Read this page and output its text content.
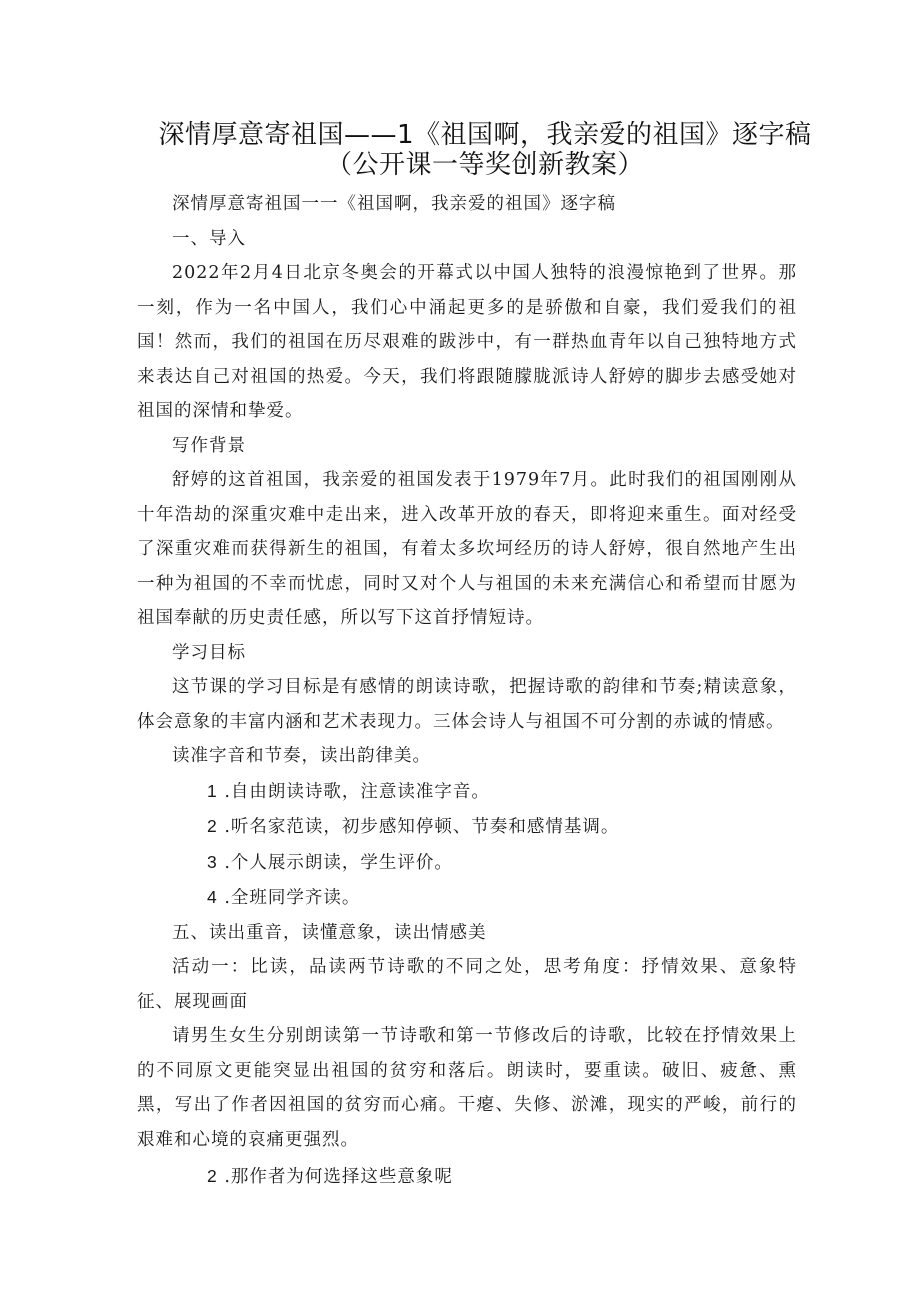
深情厚意寄祖国——1《祖国啊，我亲爱的祖国》逐字稿
（公开课一等奖创新教案）

深情厚意寄祖国一一《祖国啊，我亲爱的祖国》逐字稿

一、导入

2022年2月4日北京冬奥会的开幕式以中国人独特的浪漫惊艳到了世界。那一刻，作为一名中国人，我们心中涌起更多的是骄傲和自豪，我们爱我们的祖国！然而，我们的祖国在历尽艰难的跋涉中，有一群热血青年以自己独特地方式来表达自己对祖国的热爱。今天，我们将跟随朦胧派诗人舒婷的脚步去感受她对祖国的深情和挚爱。

写作背景

舒婷的这首祖国，我亲爱的祖国发表于1979年7月。此时我们的祖国刚刚从十年浩劫的深重灾难中走出来，进入改革开放的春天，即将迎来重生。面对经受了深重灾难而获得新生的祖国，有着太多坎坷经历的诗人舒婷，很自然地产生出一种为祖国的不幸而忧虑，同时又对个人与祖国的未来充满信心和希望而甘愿为祖国奉献的历史责任感，所以写下这首抒情短诗。

学习目标

这节课的学习目标是有感情的朗读诗歌，把握诗歌的韵律和节奏;精读意象，体会意象的丰富内涵和艺术表现力。三体会诗人与祖国不可分割的赤诚的情感。

读准字音和节奏，读出韵律美。

1 .自由朗读诗歌，注意读准字音。

2 .听名家范读，初步感知停顿、节奏和感情基调。

3 .个人展示朗读，学生评价。

4 .全班同学齐读。

五、读出重音，读懂意象，读出情感美

活动一：比读，品读两节诗歌的不同之处，思考角度：抒情效果、意象特征、展现画面

请男生女生分别朗读第一节诗歌和第一节修改后的诗歌，比较在抒情效果上的不同原文更能突显出祖国的贫穷和落后。朗读时，要重读。破旧、疲惫、熏黑，写出了作者因祖国的贫穷而心痛。干瘪、失修、淤滩，现实的严峻，前行的艰难和心境的哀痛更强烈。

2 .那作者为何选择这些意象呢
